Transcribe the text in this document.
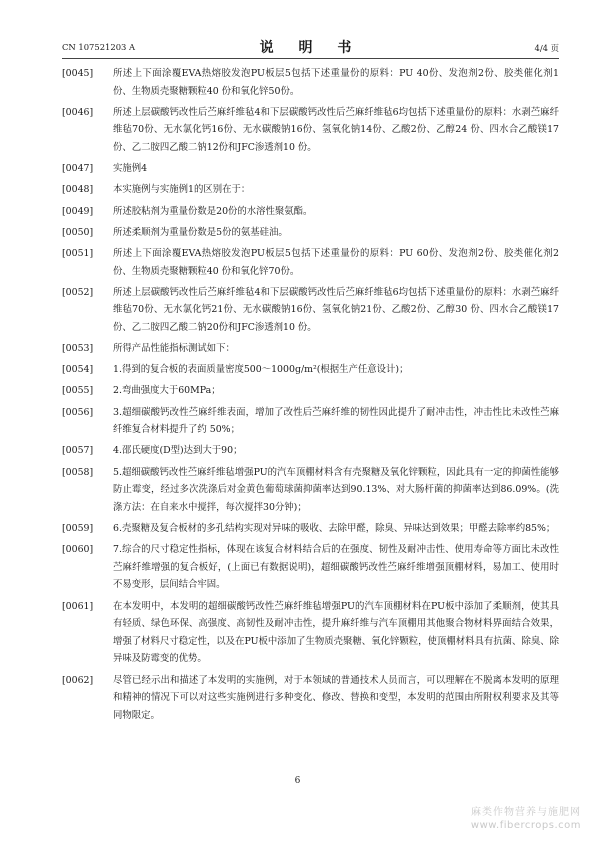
CN 107521203 A	说 明 书	4/4 页
[0045]	所述上下面涂覆EVA热熔胶发泡PU板层5包括下述重量份的原料：PU 40份、发泡剂2份、胶类催化剂1份、生物质壳聚糖颗粒40 份和氧化锌50份。
[0046]	所述上层碳酸钙改性后苎麻纤维毡4和下层碳酸钙改性后苎麻纤维毡6均包括下述重量份的原料：水剥苎麻纤维毡70份、无水氯化钙16份、无水碳酸钠16份、氢氧化钠14份、乙酸2份、乙醇24 份、四水合乙酸镁17份、乙二胺四乙酸二钠12份和JFC渗透剂10 份。
[0047]	实施例4
[0048]	本实施例与实施例1的区别在于：
[0049]	所述胶粘剂为重量份数是20份的水溶性聚氨酯。
[0050]	所述柔顺剂为重量份数是5份的氨基硅油。
[0051]	所述上下面涂覆EVA热熔胶发泡PU板层5包括下述重量份的原料：PU 60份、发泡剂2份、胶类催化剂2份、生物质壳聚糖颗粒40 份和氧化锌70份。
[0052]	所述上层碳酸钙改性后苎麻纤维毡4和下层碳酸钙改性后苎麻纤维毡6均包括下述重量份的原料：水剥苎麻纤维毡70份、无水氯化钙21份、无水碳酸钠16份、氢氧化钠21份、乙酸2份、乙醇30 份、四水合乙酸镁17份、乙二胺四乙酸二钠20份和JFC渗透剂10 份。
[0053]	所得产品性能指标测试如下：
[0054]	1.得到的复合板的表面质量密度500～1000g/m²(根据生产任意设计)；
[0055]	2.弯曲强度大于60MPa；
[0056]	3.超细碳酸钙改性苎麻纤维表面，增加了改性后苎麻纤维的韧性因此提升了耐冲击性，冲击性比未改性苎麻纤维复合材料提升了约 50%；
[0057]	4.邵氏硬度(D型)达到大于90；
[0058]	5.超细碳酸钙改性苎麻纤维毡增强PU的汽车顶棚材料含有壳聚糖及氧化锌颗粒，因此具有一定的抑菌性能够防止霉变，经过多次洗涤后对金黄色葡萄球菌抑菌率达到90.13%、对大肠杆菌的抑菌率达到86.09%。(洗涤方法：在自来水中搅拌，每次搅拌30分钟)；
[0059]	6.壳聚糖及复合板材的多孔结构实现对异味的吸收、去除甲醛，除臭、异味达到效果；甲醛去除率约85%；
[0060]	7.综合的尺寸稳定性指标，体现在该复合材料结合后的在强度、韧性及耐冲击性、使用寿命等方面比未改性苎麻纤维增强的复合板好，(上面已有数据说明)，超细碳酸钙改性苎麻纤维增强顶棚材料，易加工、使用时不易变形，层间结合牢固。
[0061]	在本发明中，本发明的超细碳酸钙改性苎麻纤维毡增强PU的汽车顶棚材料在PU板中添加了柔顺剂，使其具有轻质、绿色环保、高强度、高韧性及耐冲击性，提升麻纤维与汽车顶棚用其他聚合物材料界面结合效果，增强了材料尺寸稳定性，以及在PU板中添加了生物质壳聚糖、氧化锌颗粒，使顶棚材料具有抗菌、除臭、除异味及防霉变的优势。
[0062]	尽管已经示出和描述了本发明的实施例，对于本领域的普通技术人员而言，可以理解在不脱离本发明的原理和精神的情况下可以对这些实施例进行多种变化、修改、替换和变型，本发明的范围由所附权利要求及其等同物限定。
6
麻类作物营养与施肥网
www.fibercrops.com
